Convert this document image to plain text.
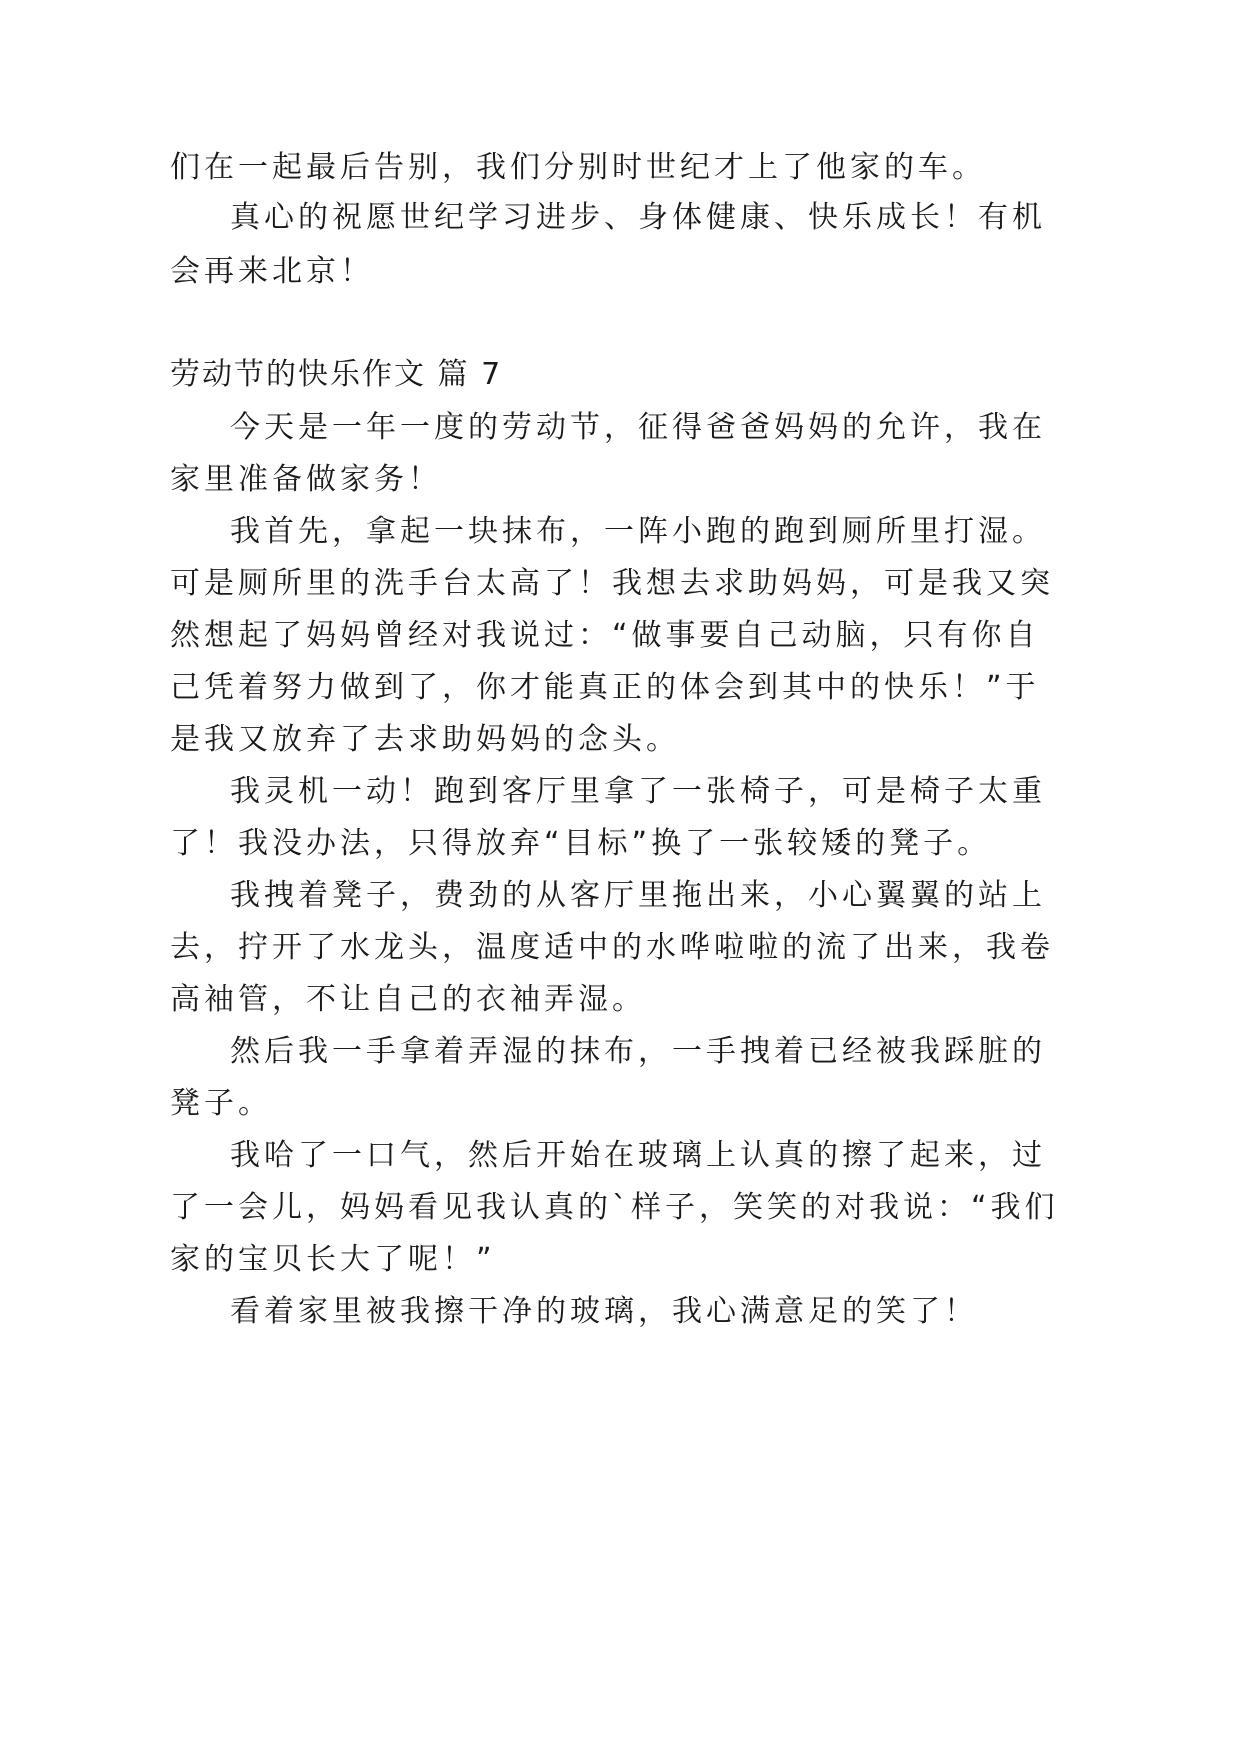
们在一起最后告别，我们分别时世纪才上了他家的车。
真心的祝愿世纪学习进步、身体健康、快乐成长！有机
会再来北京！
劳动节的快乐作文 篇 7
今天是一年一度的劳动节，征得爸爸妈妈的允许，我在
家里准备做家务！
我首先，拿起一块抹布，一阵小跑的跑到厕所里打湿。
可是厕所里的洗手台太高了！我想去求助妈妈，可是我又突
然想起了妈妈曾经对我说过：“做事要自己动脑，只有你自
己凭着努力做到了，你才能真正的体会到其中的快乐！”于
是我又放弃了去求助妈妈的念头。
我灵机一动！跑到客厅里拿了一张椅子，可是椅子太重
了！我没办法，只得放弃“目标”换了一张较矮的凳子。
我拽着凳子，费劲的从客厅里拖出来，小心翼翼的站上
去，拧开了水龙头，温度适中的水哗啦啦的流了出来，我卷
高袖管，不让自己的衣袖弄湿。
然后我一手拿着弄湿的抹布，一手拽着已经被我踩脏的
凳子。
我哈了一口气，然后开始在玻璃上认真的擦了起来，过
了一会儿，妈妈看见我认真的`样子，笑笑的对我说：“我们
家的宝贝长大了呢！”
看着家里被我擦干净的玻璃，我心满意足的笑了！
